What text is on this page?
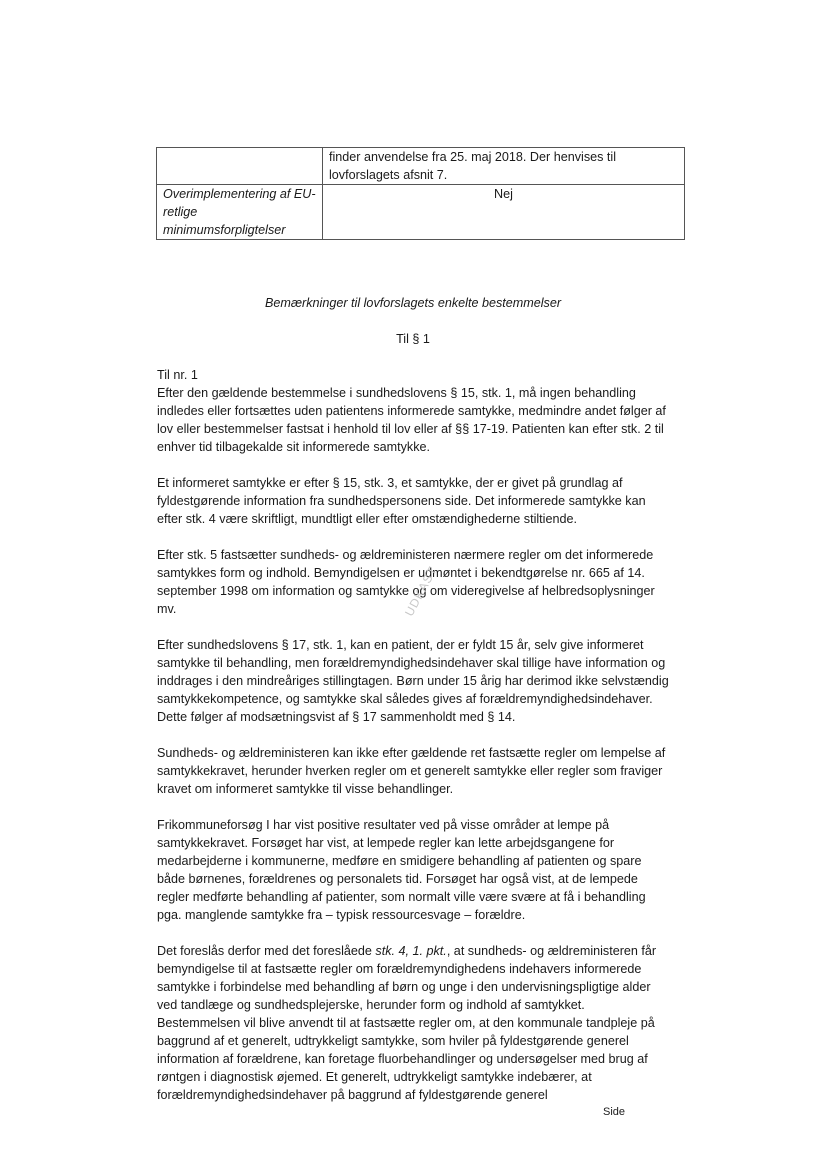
	finder anvendelse fra 25. maj 2018. Der henvises til lovforslagets afsnit 7.
Overimplementering af EU-retlige minimumsforpligtelser	Nej
Bemærkninger til lovforslagets enkelte bestemmelser
Til § 1
Til nr. 1

Efter den gældende bestemmelse i sundhedslovens § 15, stk. 1, må ingen behandling indledes eller fortsættes uden patientens informerede samtykke, medmindre andet følger af lov eller bestemmelser fastsat i henhold til lov eller af §§ 17-19. Patienten kan efter stk. 2 til enhver tid tilbagekalde sit informerede samtykke.

Et informeret samtykke er efter § 15, stk. 3, et samtykke, der er givet på grundlag af fyldestgørende information fra sundhedspersonens side. Det informerede samtykke kan efter stk. 4 være skriftligt, mundtligt eller efter omstændighederne stiltiende.

Efter stk. 5 fastsætter sundheds- og ældreministeren nærmere regler om det informerede samtykkes form og indhold. Bemyndigelsen er udmøntet i bekendtgørelse nr. 665 af 14. september 1998 om information og samtykke og om videregivelse af helbredsoplysninger mv.

Efter sundhedslovens § 17, stk. 1, kan en patient, der er fyldt 15 år, selv give informeret samtykke til behandling, men forældremyndighedsindehaver skal tillige have information og inddrages i den mindreåriges stillingtagen. Børn under 15 årig har derimod ikke selvstændig samtykkekompetence, og samtykke skal således gives af forældremyndighedsindehaver. Dette følger af modsætningsvist af § 17 sammenholdt med § 14.

Sundheds- og ældreministeren kan ikke efter gældende ret fastsætte regler om lempelse af samtykkekravet, herunder hverken regler om et generelt samtykke eller regler som fraviger kravet om informeret samtykke til visse behandlinger.

Frikommuneforsøg I har vist positive resultater ved på visse områder at lempe på samtykkekravet. Forsøget har vist, at lempede regler kan lette arbejdsgangene for medarbejderne i kommunerne, medføre en smidigere behandling af patienten og spare både børnenes, forældrenes og personalets tid. Forsøget har også vist, at de lempede regler medførte behandling af patienter, som normalt ville være svære at få i behandling pga. manglende samtykke fra – typisk ressourcesvage – forældre.

Det foreslås derfor med det foreslåede stk. 4, 1. pkt., at sundheds- og ældreministeren får bemyndigelse til at fastsætte regler om forældremyndighedens indehavers informerede samtykke i forbindelse med behandling af børn og unge i den undervisningspligtige alder ved tandlæge og sundhedsplejerske, herunder form og indhold af samtykket. Bestemmelsen vil blive anvendt til at fastsætte regler om, at den kommunale tandpleje på baggrund af et generelt, udtrykkeligt samtykke, som hviler på fyldestgørende generel information af forældrene, kan foretage fluorbehandlinger og undersøgelser med brug af røntgen i diagnostisk øjemed. Et generelt, udtrykkeligt samtykke indebærer, at forældremyndighedsindehaver på baggrund af fyldestgørende generel

UDKAST
Side
